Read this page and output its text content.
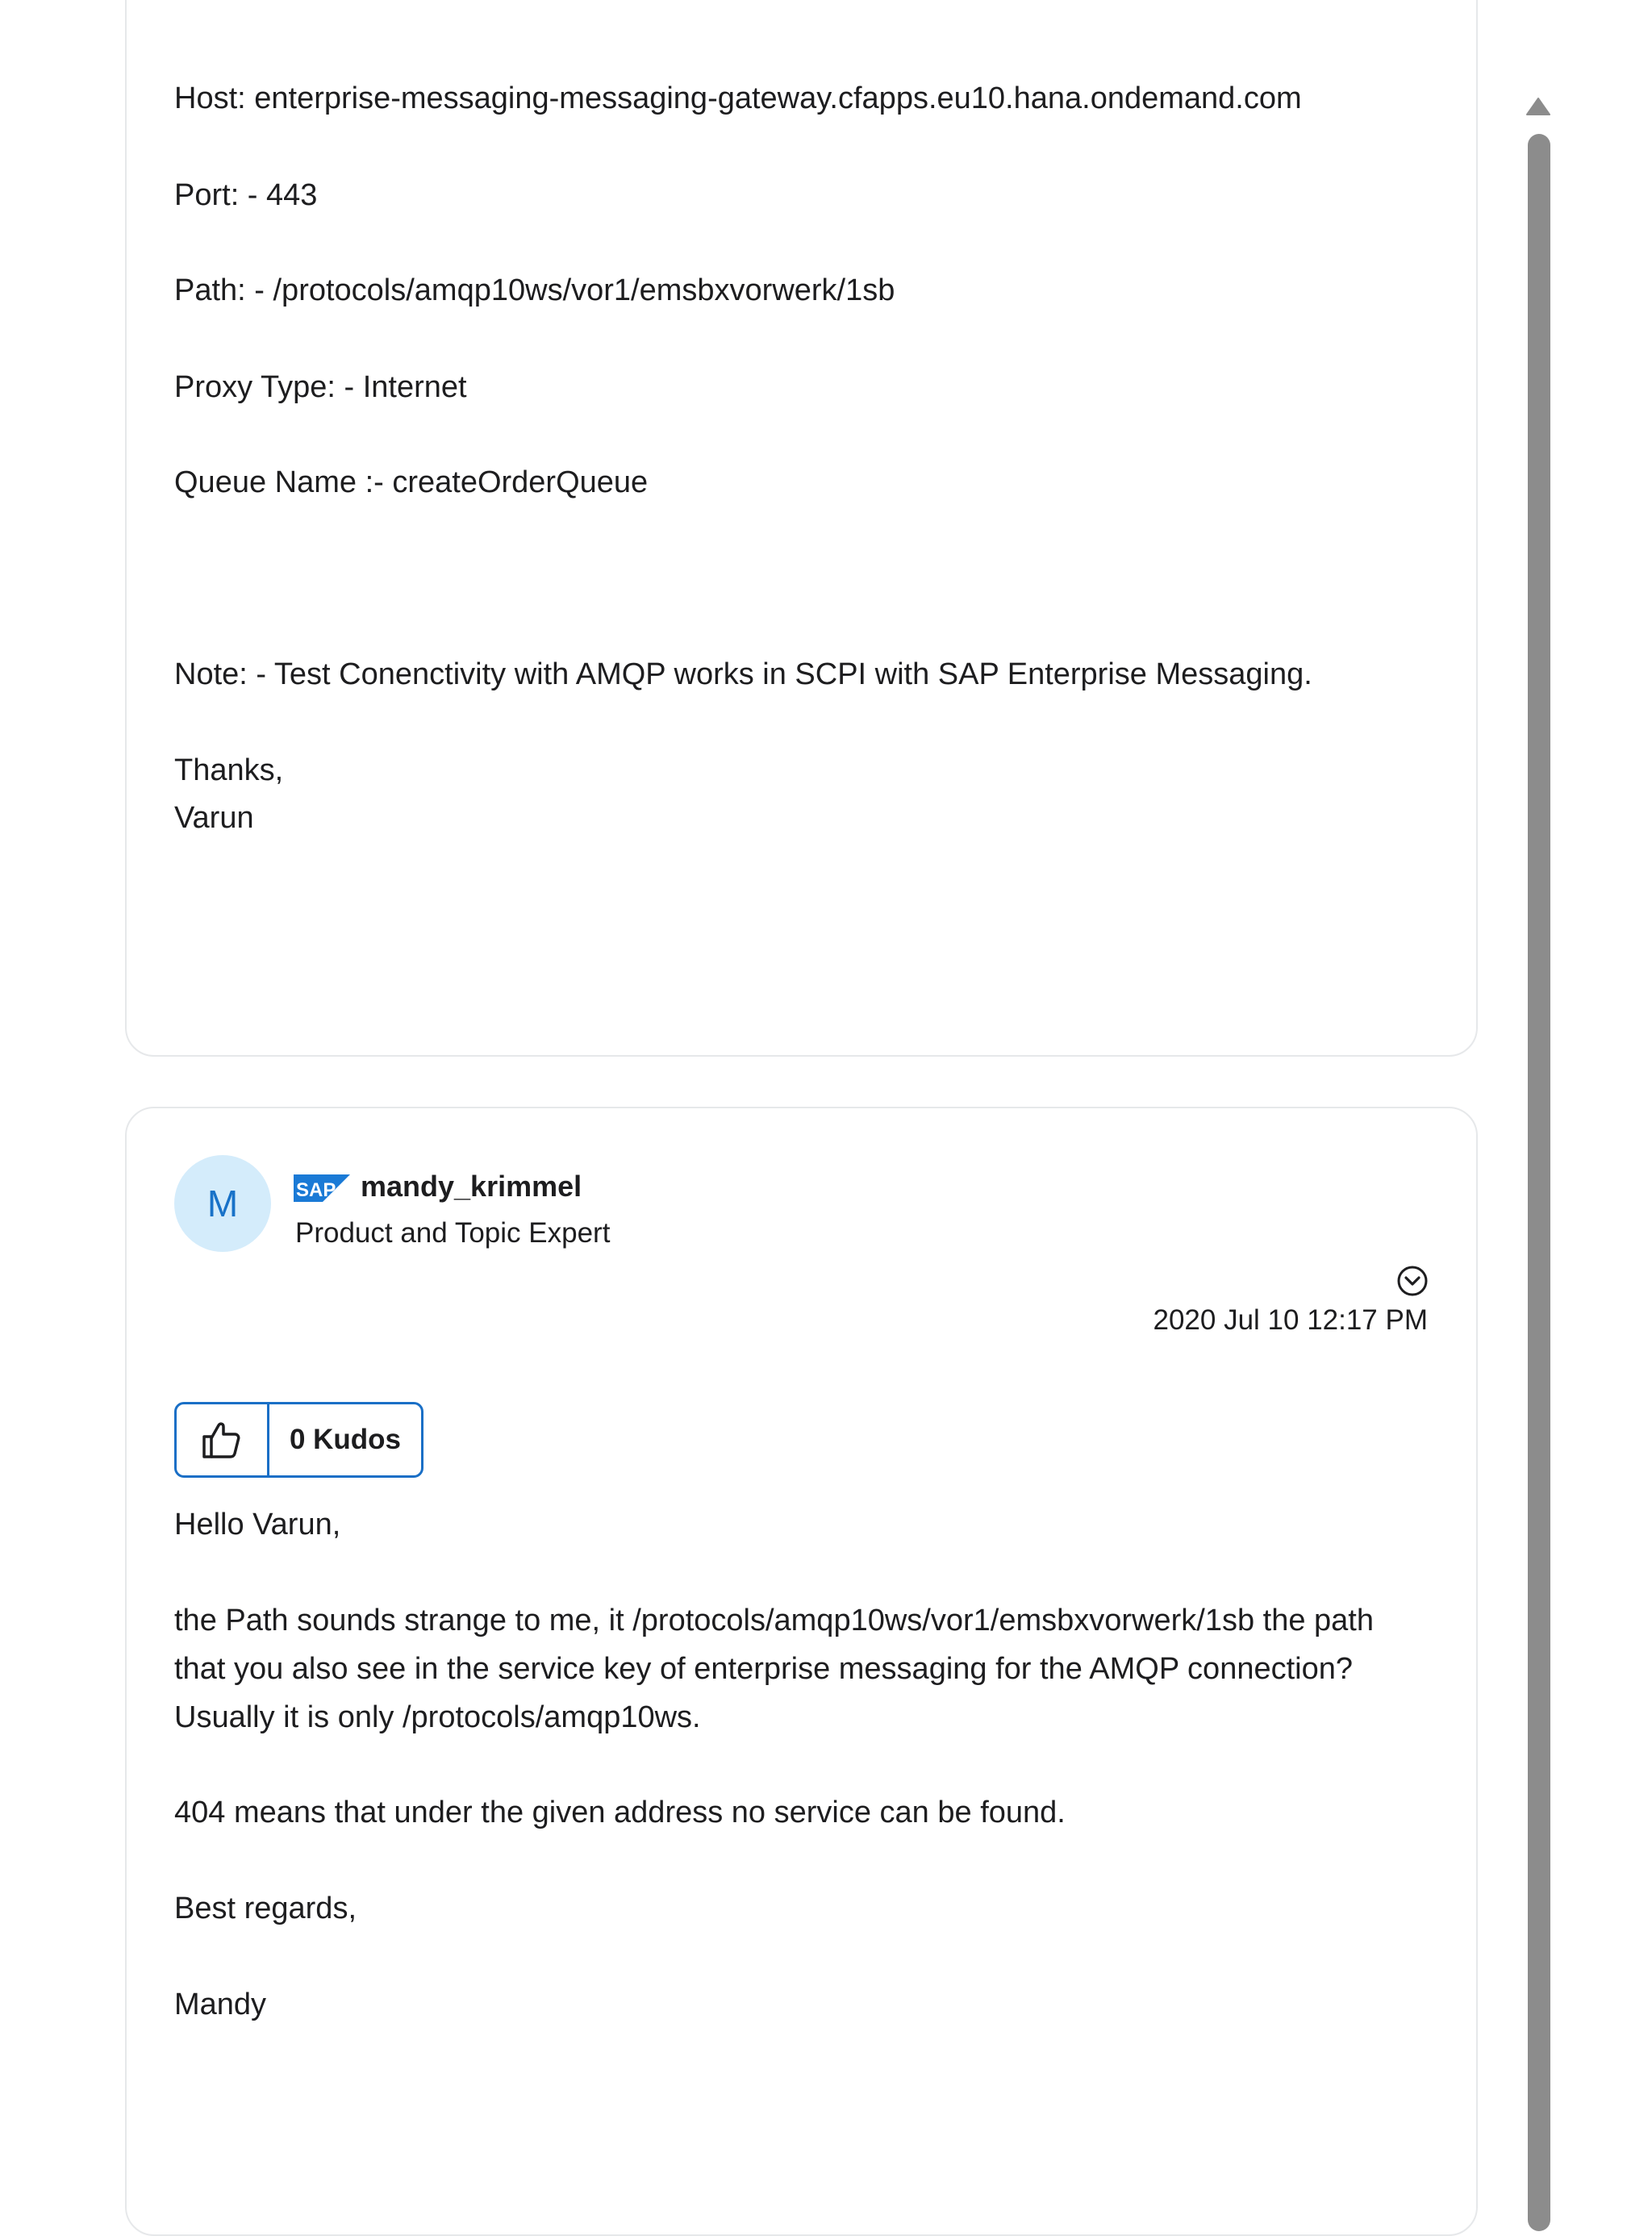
Host: enterprise-messaging-messaging-gateway.cfapps.eu10.hana.ondemand.com
Port: - 443
Path: - /protocols/amqp10ws/vor1/emsbxvorwerk/1sb
Proxy Type: - Internet
Queue Name :- createOrderQueue
Note: - Test Conenctivity with AMQP works in SCPI with SAP Enterprise Messaging.
Thanks,
Varun
M	SAP mandy_krimmel
Product and Topic Expert
2020 Jul 10 12:17 PM
0 Kudos
Hello Varun,
the Path sounds strange to me, it /protocols/amqp10ws/vor1/emsbxvorwerk/1sb the path
that you also see in the service key of enterprise messaging for the AMQP connection?
Usually it is only /protocols/amqp10ws.
404 means that under the given address no service can be found.
Best regards,
Mandy
